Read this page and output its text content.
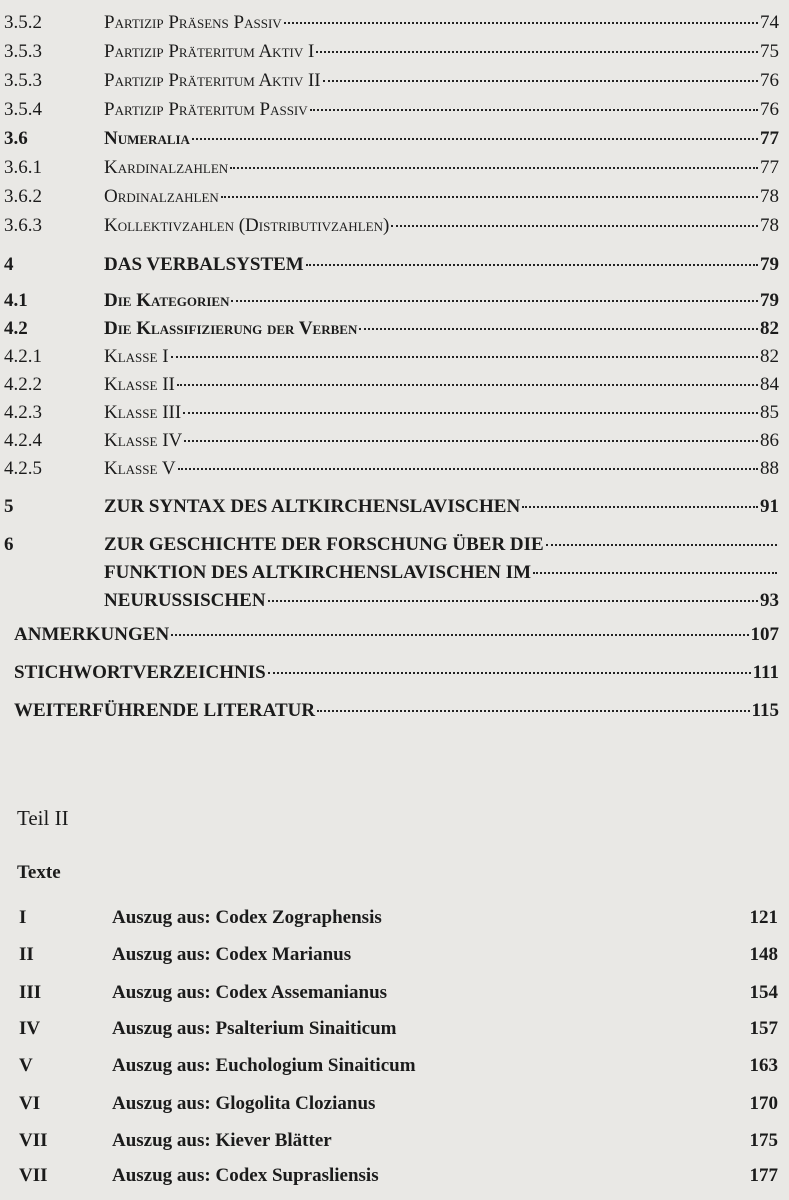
3.5.2	Partizip Präsens Passiv	74
3.5.3	Partizip Präteritum Aktiv I	75
3.5.3	Partizip Präteritum Aktiv II	76
3.5.4	Partizip Präteritum Passiv	76
3.6	Numeralia	77
3.6.1	Kardinalzahlen	77
3.6.2	Ordinalzahlen	78
3.6.3	Kollektivzahlen (Distributivzahlen)	78
4	DAS VERBALSYSTEM	79
4.1	Die Kategorien	79
4.2	Die Klassifizierung der Verben	82
4.2.1	Klasse I	82
4.2.2	Klasse II	84
4.2.3	Klasse III	85
4.2.4	Klasse IV	86
4.2.5	Klasse V	88
5	ZUR SYNTAX DES ALTKIRCHENSLAVISCHEN	91
6	ZUR GESCHICHTE DER FORSCHUNG ÜBER DIE
FUNKTION DES ALTKIRCHENSLAVISCHEN IM
NEURUSSISCHEN	93
ANMERKUNGEN	107
STICHWORTVERZEICHNIS	111
WEITERFÜHRENDE LITERATUR	115
Teil II
Texte
I	Auszug aus: Codex Zographensis	121
II	Auszug aus: Codex Marianus	148
III	Auszug aus: Codex Assemanianus	154
IV	Auszug aus: Psalterium Sinaiticum	157
V	Auszug aus: Euchologium Sinaiticum	163
VI	Auszug aus: Glogolita Clozianus	170
VII	Auszug aus: Kiever Blätter	175
VII	Auszug aus: Codex Suprasliensis	177
